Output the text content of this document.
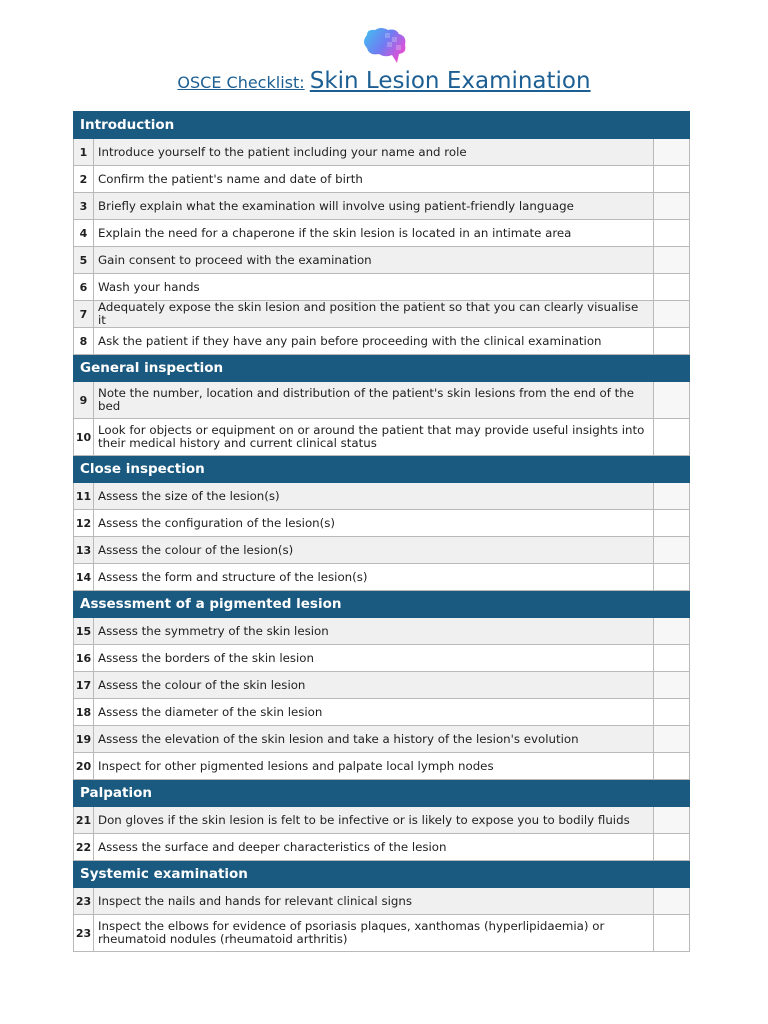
OSCE Checklist: Skin Lesion Examination
Introduction		
1	Introduce yourself to the patient including your name and role	
2	Confirm the patient's name and date of birth	
3	Briefly explain what the examination will involve using patient-friendly language	
4	Explain the need for a chaperone if the skin lesion is located in an intimate area	
5	Gain consent to proceed with the examination	
6	Wash your hands	
7	Adequately expose the skin lesion and position the patient so that you can clearly visualise it	
8	Ask the patient if they have any pain before proceeding with the clinical examination	
General inspection		
9	Note the number, location and distribution of the patient's skin lesions from the end of the bed	
10	Look for objects or equipment on or around the patient that may provide useful insights into their medical history and current clinical status	
Close inspection		
11	Assess the size of the lesion(s)	
12	Assess the configuration of the lesion(s)	
13	Assess the colour of the lesion(s)	
14	Assess the form and structure of the lesion(s)	
Assessment of a pigmented lesion		
15	Assess the symmetry of the skin lesion	
16	Assess the borders of the skin lesion	
17	Assess the colour of the skin lesion	
18	Assess the diameter of the skin lesion	
19	Assess the elevation of the skin lesion and take a history of the lesion's evolution	
20	Inspect for other pigmented lesions and palpate local lymph nodes	
Palpation		
21	Don gloves if the skin lesion is felt to be infective or is likely to expose you to bodily fluids	
22	Assess the surface and deeper characteristics of the lesion	
Systemic examination		
23	Inspect the nails and hands for relevant clinical signs	
23	Inspect the elbows for evidence of psoriasis plaques, xanthomas (hyperlipidaemia) or rheumatoid nodules (rheumatoid arthritis)	
